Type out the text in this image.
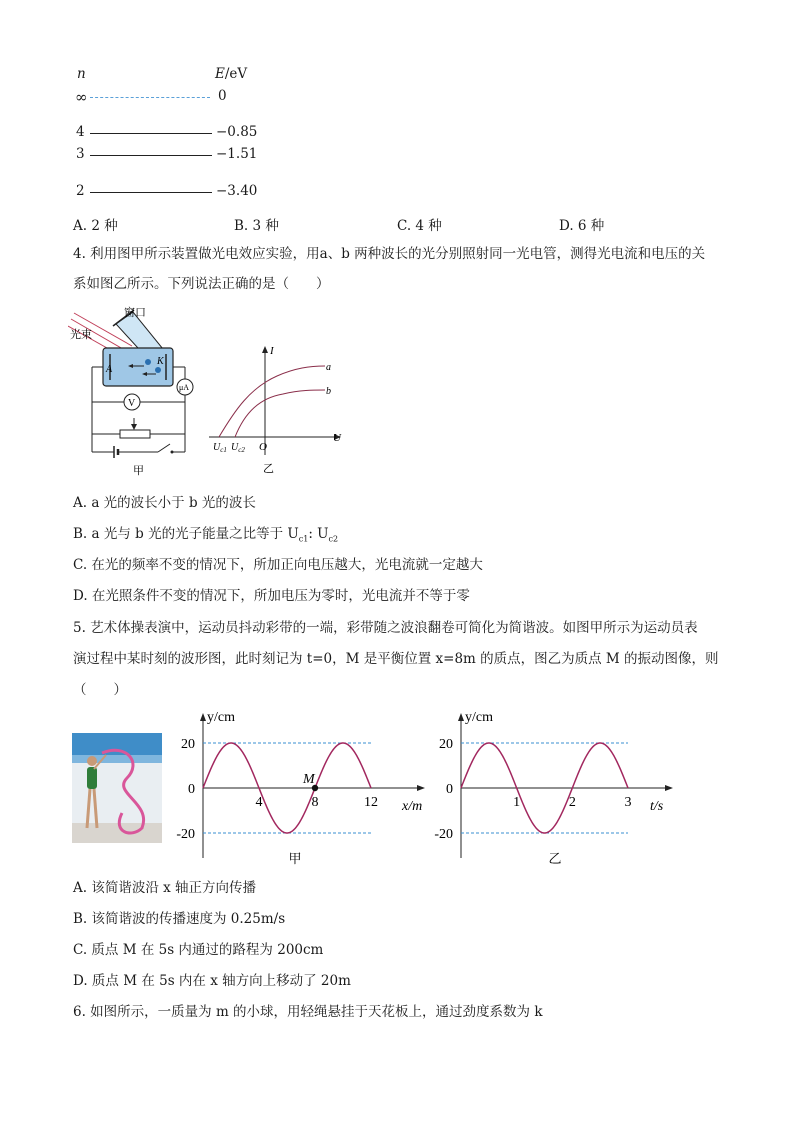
n	E/eV
∞	0
4	−0.85
3	−1.51
2	−3.40
A. 2 种	B. 3 种	C. 4 种	D. 6 种
4. 利用图甲所示装置做光电效应实验，用a、b 两种波长的光分别照射同一光电管，测得光电流和电压的关
系如图乙所示。下列说法正确的是（　　）
窗口
光束
A
K
μA
V
甲
I
U
O
a
b
$U_{c1}$ $U_{c2}$
乙
A. a 光的波长小于 b 光的波长
B. a 光与 b 光的光子能量之比等于 $U_{c1}$: $U_{c2}$
C. 在光的频率不变的情况下，所加正向电压越大，光电流就一定越大
D. 在光照条件不变的情况下，所加电压为零时，光电流并不等于零
5. 艺术体操表演中，运动员抖动彩带的一端，彩带随之波浪翻卷可简化为简谐波。如图甲所示为运动员表
演过程中某时刻的波形图，此时刻记为 t=0，M 是平衡位置 x=8m 的质点，图乙为质点 M 的振动图像，则
（　　）
20
0
-20
4	8	12
y/cm
x/m
M
甲
20
0
-20
1	2	3
y/cm
t/s
乙
A. 该简谐波沿 x 轴正方向传播
B. 该简谐波的传播速度为 0.25m/s
C. 质点 M 在 5s 内通过的路程为 200cm
D. 质点 M 在 5s 内在 x 轴方向上移动了 20m
6. 如图所示，一质量为 m 的小球，用轻绳悬挂于天花板上，通过劲度系数为 k
